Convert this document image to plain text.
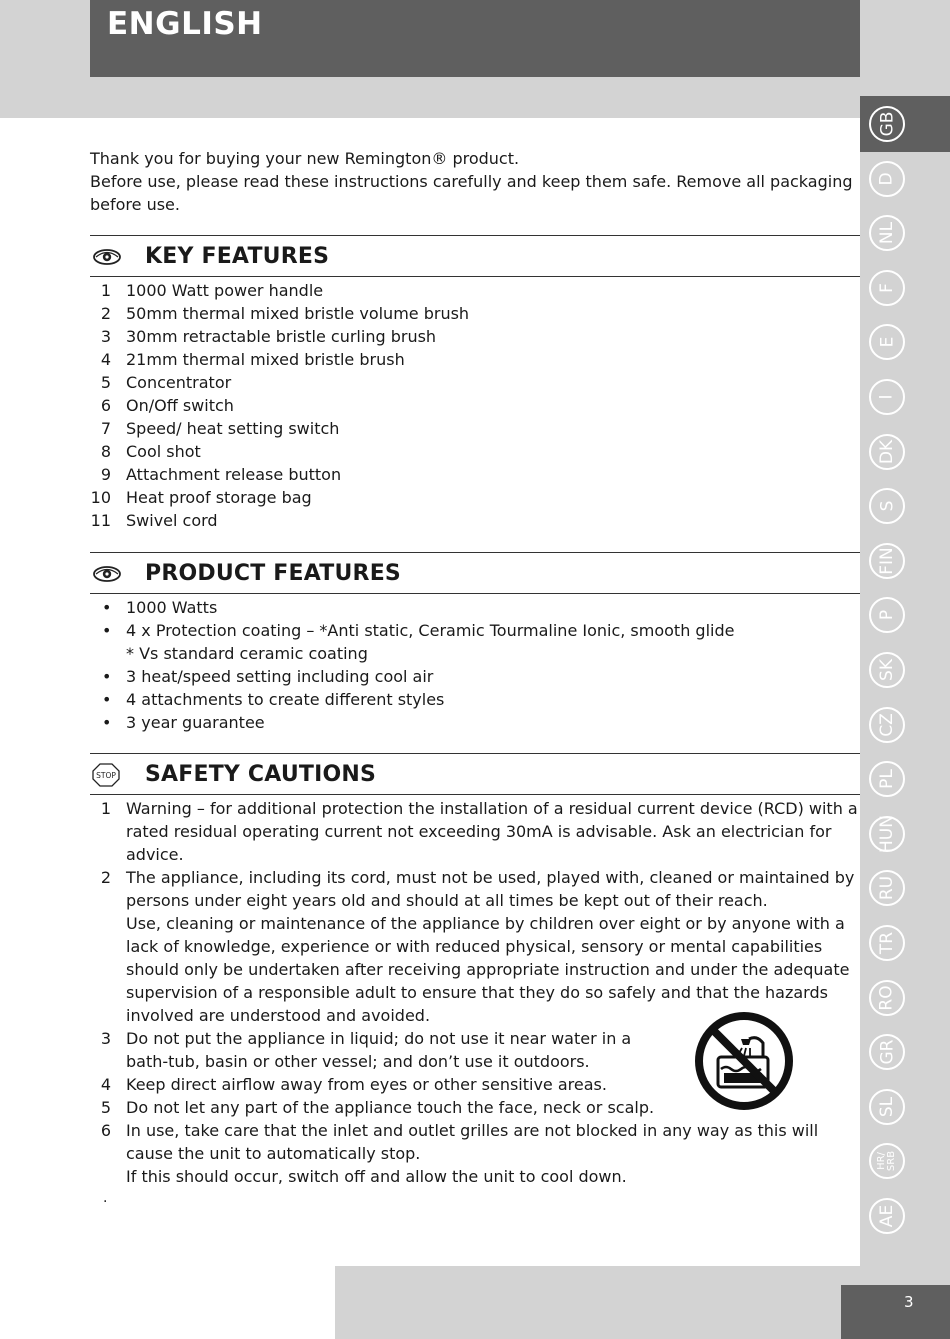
ENGLISH
GB
D
NL
F
E
I
DK
S
FIN
P
SK
CZ
PL
HUN
RU
TR
RO
GR
SL
HR/
SRB
AE
3

Thank you for buying your new Remington® product.

Before use, please read these instructions carefully and keep them safe. Remove all packaging before use.

KEY FEATURES
1 1000 Watt power handle
2 50mm thermal mixed bristle volume brush
3 30mm retractable bristle curling brush
4 21mm thermal mixed bristle brush
5 Concentrator
6 On/Off switch
7 Speed/ heat setting switch
8 Cool shot
9 Attachment release button
10 Heat proof storage bag
11 Swivel cord
PRODUCT FEATURES
• 1000 Watts
• 4 x Protection coating – *Anti static, Ceramic Tourmaline Ionic, smooth glide
* Vs standard ceramic coating
• 3 heat/speed setting including cool air
• 4 attachments to create different styles
• 3 year guarantee
STOP SAFETY CAUTIONS
1 Warning – for additional protection the installation of a residual current device (RCD) with a rated residual operating current not exceeding 30mA is advisable. Ask an electrician for advice.
2 The appliance, including its cord, must not be used, played with, cleaned or maintained by persons under eight years old and should at all times be kept out of their reach.
Use, cleaning or maintenance of the appliance by children over eight or by anyone with a lack of knowledge, experience or with reduced physical, sensory or mental capabilities should only be undertaken after receiving appropriate instruction and under the adequate supervision of a responsible adult to ensure that they do so safely and that the hazards involved are understood and avoided.
3 Do not put the appliance in liquid; do not use it near water in a
bath-tub, basin or other vessel; and don’t use it outdoors.
4 Keep direct airflow away from eyes or other sensitive areas.
5 Do not let any part of the appliance touch the face, neck or scalp.
6 In use, take care that the inlet and outlet grilles are not blocked in any way as this will cause the unit to automatically stop.
If this should occur, switch off and allow the unit to cool down.
.
